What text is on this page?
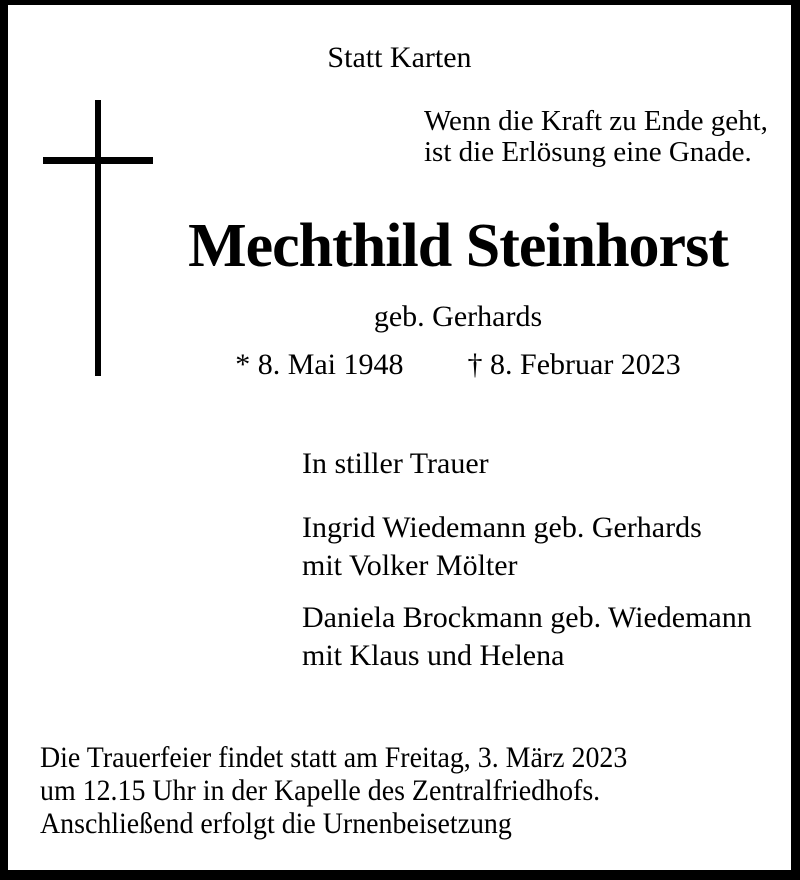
Statt Karten
Wenn die Kraft zu Ende geht,
ist die Erlösung eine Gnade.
Mechthild Steinhorst
geb. Gerhards
* 8. Mai 1948 † 8. Februar 2023
In stiller Trauer
Ingrid Wiedemann geb. Gerhards
mit Volker Mölter
Daniela Brockmann geb. Wiedemann
mit Klaus und Helena
Die Trauerfeier findet statt am Freitag, 3. März 2023
um 12.15 Uhr in der Kapelle des Zentralfriedhofs.
Anschließend erfolgt die Urnenbeisetzung
